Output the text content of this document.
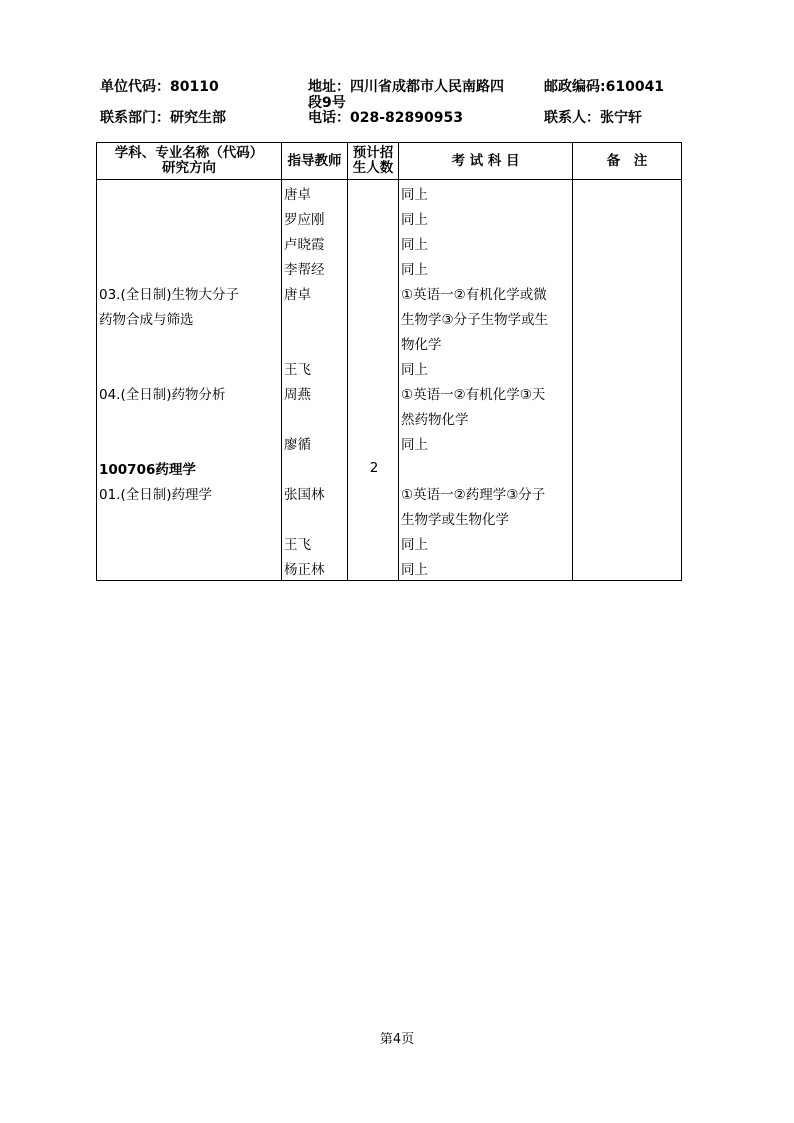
单位代码：80110	地址：四川省成都市人民南路四
段9号
邮政编码:610041
联系部门：研究生部	电话：028-82890953	联系人：张宁轩
学科、专业名称（代码）
研究方向	指导教师	预计招
生人数	考 试 科 目	备　注
	唐卓		同上	
	罗应刚		同上	
	卢晓霞		同上	
	李帮经		同上	
03.(全日制)生物大分子	唐卓		①英语一②有机化学或微	
药物合成与筛选			生物学③分子生物学或生	
			物化学	
	王飞		同上	
04.(全日制)药物分析	周燕		①英语一②有机化学③天	
			然药物化学	
	廖循		同上	
100706药理学		2		
01.(全日制)药理学	张国林		①英语一②药理学③分子	
			生物学或生物化学	
	王飞		同上	
	杨正林		同上	
第4页
